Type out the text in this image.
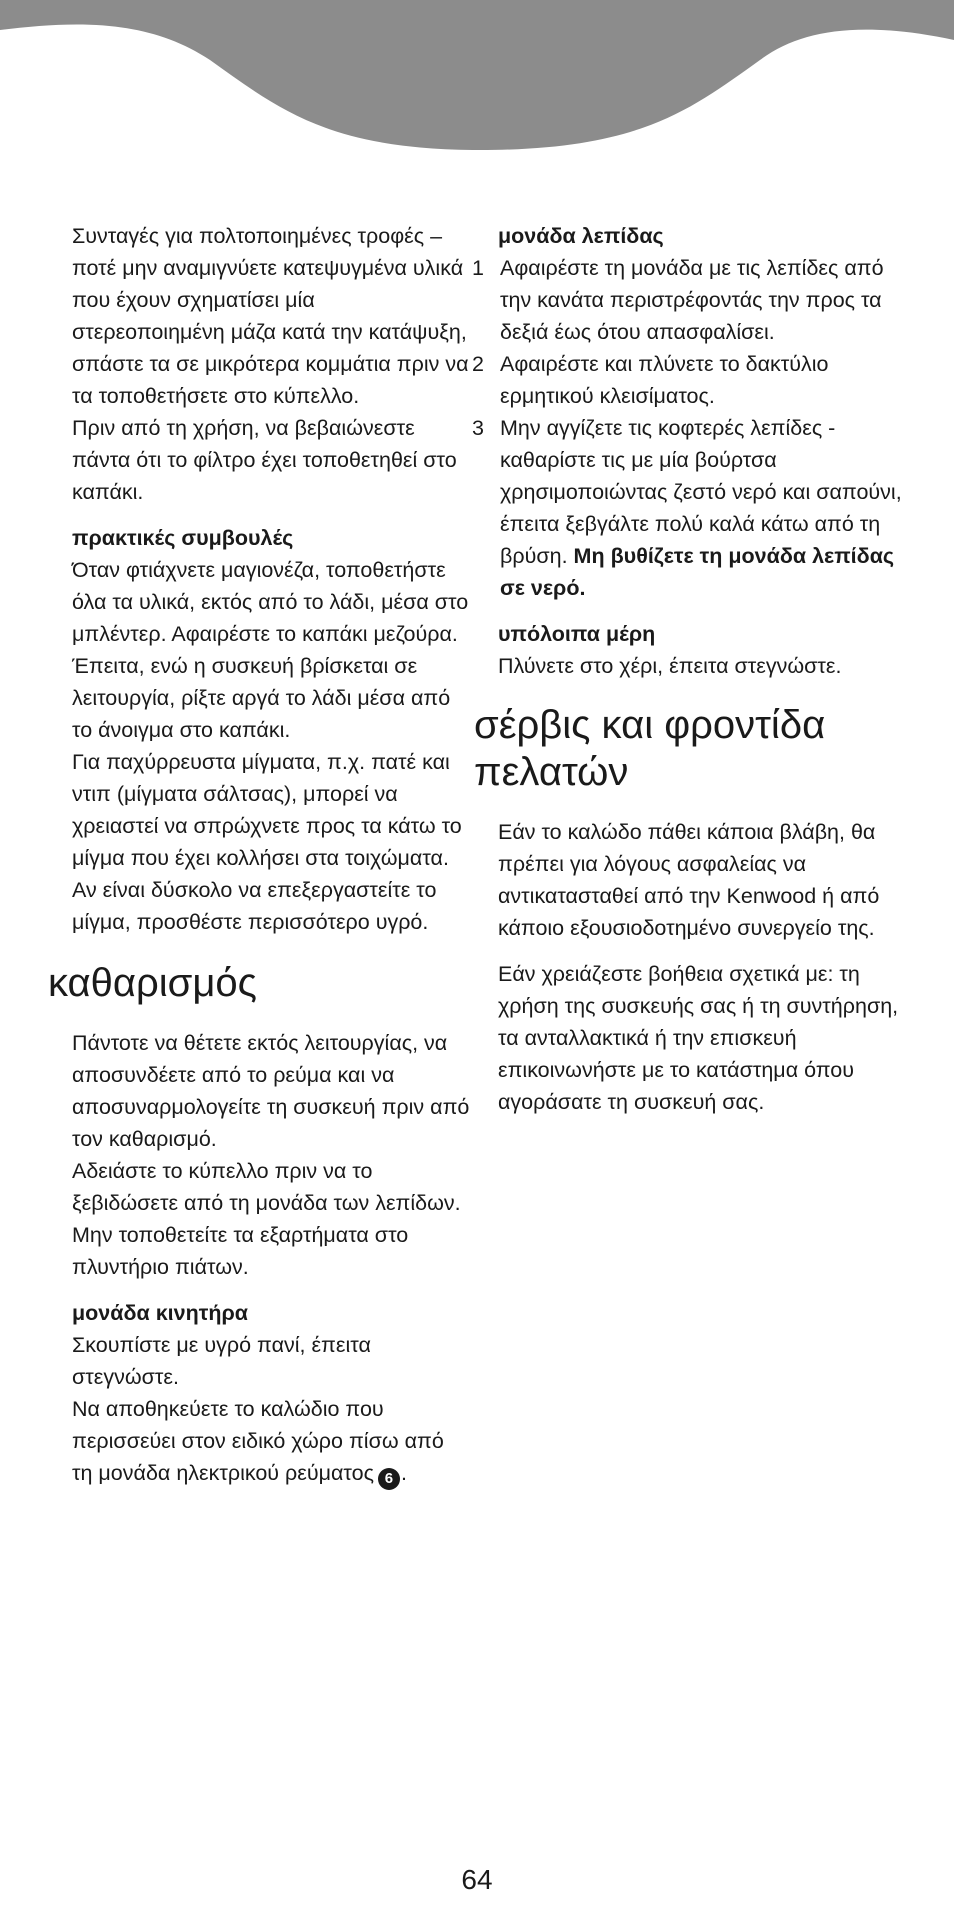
Συνταγές για πολτοποιημένες τροφές – ποτέ μην αναμιγνύετε κατεψυγμένα υλικά που έχουν σχηματίσει μία στερεοποιημένη μάζα κατά την κατάψυξη, σπάστε τα σε μικρότερα κομμάτια πριν να τα τοποθετήσετε στο κύπελλο.

Πριν από τη χρήση, να βεβαιώνεστε πάντα ότι το φίλτρο έχει τοποθετηθεί στο καπάκι.

πρακτικές συμβουλές

Όταν φτιάχνετε μαγιονέζα, τοποθετήστε όλα τα υλικά, εκτός από το λάδι, μέσα στο μπλέντερ. Αφαιρέστε το καπάκι μεζούρα. Έπειτα, ενώ η συσκευή βρίσκεται σε λειτουργία, ρίξτε αργά το λάδι μέσα από το άνοιγμα στο καπάκι.

Για παχύρρευστα μίγματα, π.χ. πατέ και ντιπ (μίγματα σάλτσας), μπορεί να χρειαστεί να σπρώχνετε προς τα κάτω το μίγμα που έχει κολλήσει στα τοιχώματα. Αν είναι δύσκολο να επεξεργαστείτε το μίγμα, προσθέστε περισσότερο υγρό.

καθαρισμός

Πάντοτε να θέτετε εκτός λειτουργίας, να αποσυνδέετε από το ρεύμα και να αποσυναρμολογείτε τη συσκευή πριν από τον καθαρισμό.

Αδειάστε το κύπελλο πριν να το ξεβιδώσετε από τη μονάδα των λεπίδων.

Μην τοποθετείτε τα εξαρτήματα στο πλυντήριο πιάτων.

μονάδα κινητήρα

Σκουπίστε με υγρό πανί, έπειτα στεγνώστε.

Να αποθηκεύετε το καλώδιο που περισσεύει στον ειδικό χώρο πίσω από τη μονάδα ηλεκτρικού ρεύματος 6 .

μονάδα λεπίδας

1 Αφαιρέστε τη μονάδα με τις λεπίδες από την κανάτα περιστρέφοντάς την προς τα δεξιά έως ότου απασφαλίσει.
2 Αφαιρέστε και πλύνετε το δακτύλιο ερμητικού κλεισίματος.
3 Μην αγγίζετε τις κοφτερές λεπίδες - καθαρίστε τις με μία βούρτσα χρησιμοποιώντας ζεστό νερό και σαπούνι, έπειτα ξεβγάλτε πολύ καλά κάτω από τη βρύση. Μη βυθίζετε τη μονάδα λεπίδας σε νερό.

υπόλοιπα μέρη

Πλύνετε στο χέρι, έπειτα στεγνώστε.

σέρβις και φροντίδα πελατών

Εάν το καλώδο πάθει κάποια βλάβη, θα πρέπει για λόγους ασφαλείας να αντικατασταθεί από την Kenwood ή από κάποιο εξουσιοδοτημένο συνεργείο της.

Εάν χρειάζεστε βοήθεια σχετικά με: τη χρήση της συσκευής σας ή τη συντήρηση, τα ανταλλακτικά ή την επισκευή επικοινωνήστε με το κατάστημα όπου αγοράσατε τη συσκευή σας.

64
